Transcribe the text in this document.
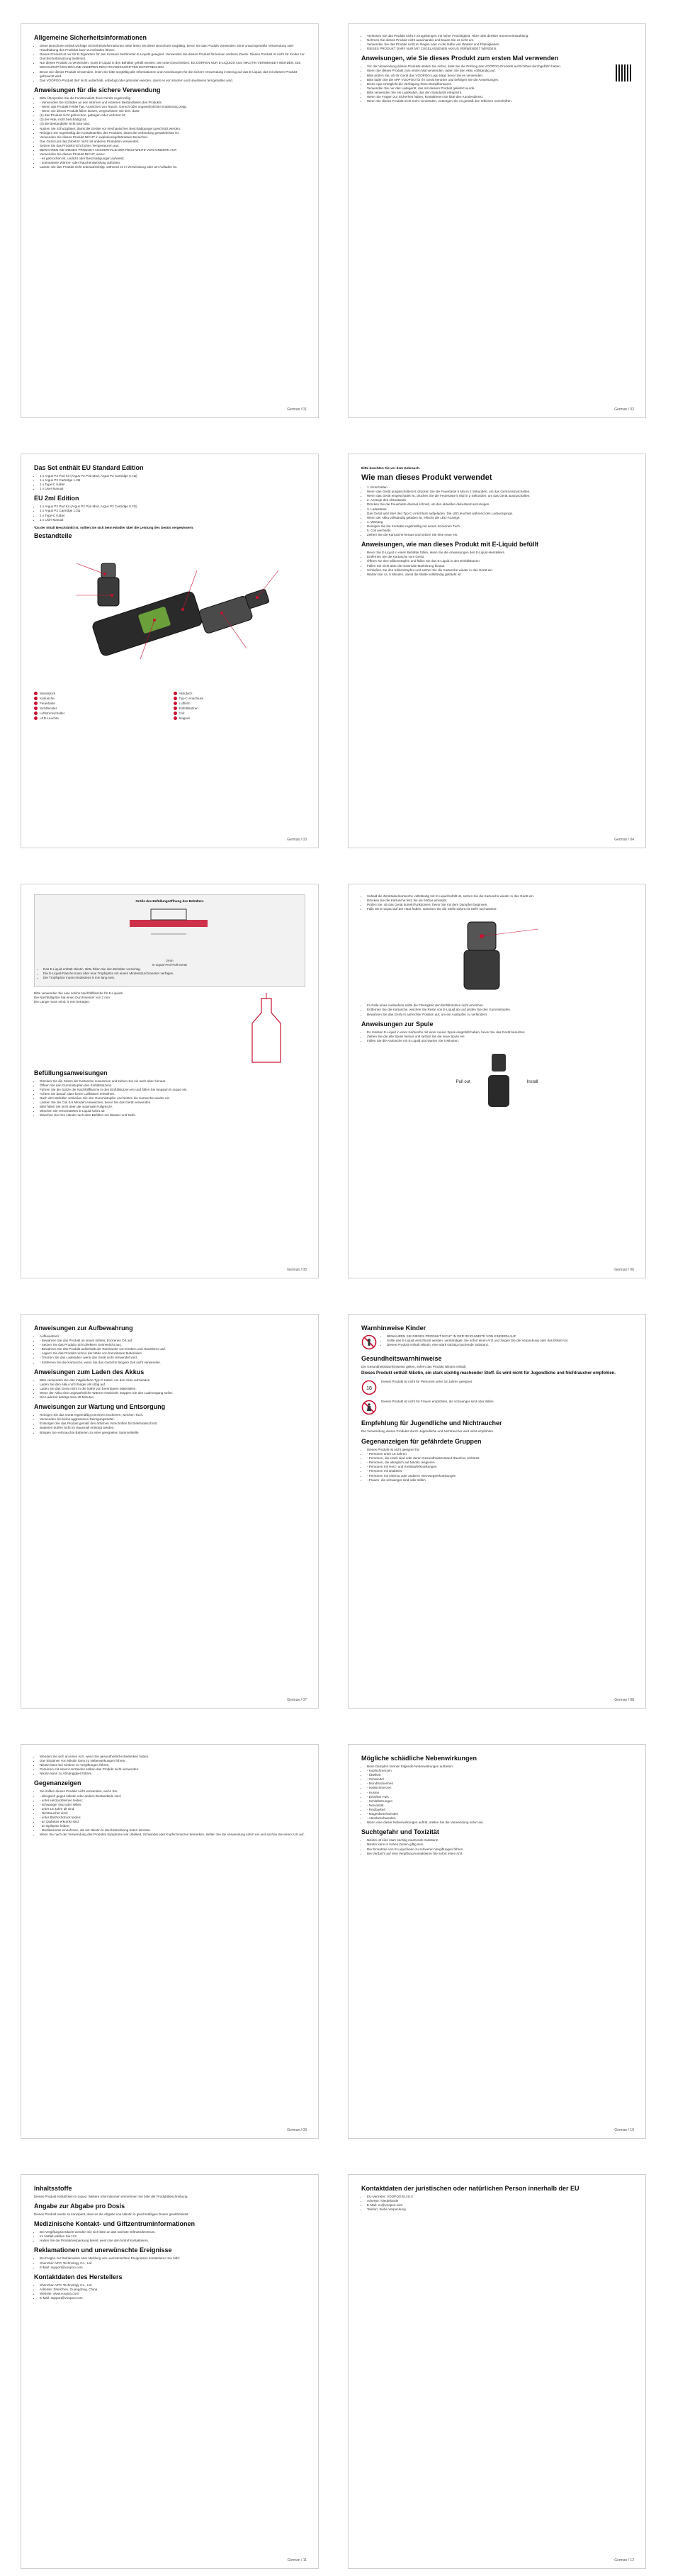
Allgemeine Sicherheitsinformationen
• Diese Broschüre enthält wichtige Sicherheitsinformationen. Bitte lesen Sie diese Broschüre sorgfältig, bevor Sie das Produkt verwenden. Eine unsachgemäße Verwendung oder Handhabung des Produkts kann zu Schäden führen.
• Dieses Produkt ist nur für E-Zigaretten für den Konsum bestimmter E-Liquids geeignet. Verwenden Sie dieses Produkt für keinen anderen Zweck. Dieses Produkt ist nicht für Kinder zur Durchschnittsnutzung bestimmt.
• Nur dieses Produkt zu verwenden, muss E-Liquid in den Behälter gefüllt werden: wie unten beschrieben. ES DÜRFEN NUR E-LIQUIDS AUS NIKOTIN VERWENDET WERDEN, DIE DEN EUROPÄISCHEN UND ANDEREN RECHTSVORSCHRIFTEN ENTSPRECHEN.
• Bevor Sie dieses Produkt verwenden, lesen Sie bitte sorgfältig alle Informationen und Anweisungen für die sichere Verwendung in Bezug auf das E-Liquid, das mit diesem Produkt gebraucht wird.
• Das VOOPOO-Produkt darf nicht außerhalb, unbefugt oder gefunden werden, damit es von Kindern und Haustieren ferngehalten wird.
Anweisungen für die sichere Verwendung
• Bitte Überprüfen Sie die Funktionalität Ihres Geräts regelmäßig.
• - Verwenden Sie Schäden an den internen und externen Bestandteilen des Produkts.
• - Wenn das Produkt Fehler hat, Anzeichen von Rauch, Geruch oder ungewöhnlicher Erwärmung zeigt.
• - Wenn Sie dieses Produkt fallen lassen, vergewissern Sie sich, dass:
• (1) das Produkt nicht gebrochen, gebogen oder verformt ist;
• (2) der Akku nicht beschädigt ist;
• (3) die Bestandteile nicht lose sind.
• Nutzen Sie Schutzgläser, damit die Geräte vor mechanischen Beschädigungen geschützt werden.
• Reinigen Sie regelmäßig die Kontaktstellen des Produkts, damit die Verbindung gewährleistet ist.
• Verwenden Sie dieses Produkt NICHT in explosionsgefährdeten Bereichen.
• Das Gerät und das Zubehör nicht mit anderen Produkten verwenden.
• Setzen Sie das Produkt nicht hohen Temperaturen aus.
• BEWAHREN SIE DIESES PRODUKT AUSSERHALB DER REICHWEITE VON KINDERN AUF.
• Verwenden Sie dieses Produkt NICHT, wenn:
• - es gebrochen ist, undicht oder Beschädigungen aufweist;
• - unerwartete Wärme- oder Rauchentwicklung auftreten.
• Lassen Sie das Produkt nicht unbeaufsichtigt, während es in Verwendung oder am Aufladen ist.
German / 01
• Verlassen Sie das Produkt nicht in Umgebungen mit hoher Feuchtigkeit, Hitze oder direkter Sonneneinstrahlung.
• Nehmen Sie dieses Produkt nicht auseinander und bauen Sie es nicht um.
• Verwenden Sie das Produkt nicht im Regen oder in der Nähe von Wasser und Flüssigkeiten.
• DIESES PRODUKT DARF NUR MIT ZUGELASSENEN AKKUS VERWENDET WERDEN.
Anweisungen, wie Sie dieses Produkt zum ersten Mal verwenden
• Vor der Verwendung dieses Produkts stellen Sie sicher, dass Sie die Prüfung des VOOPOO-Produkts auf Echtheit durchgeführt haben.
• Wenn Sie dieses Produkt zum ersten Mal verwenden, laden Sie den Akku vollständig auf.
• Bitte prüfen Sie, ob Ihr Gerät das VOOPOO-Logo trägt, bevor Sie es verwenden.
• Bitte laden Sie die APP VOOPOO für Ihr Gerät herunter und befolgen Sie die Anweisungen.
• Diese App ermöglicht die Verfolgung Ihres Dampfkonsums.
• Verwenden Sie nur das Ladegerät, das mit diesem Produkt geliefert wurde.
• Bitte verwenden Sie ein Ladekabel, das den Standards entspricht.
• Wenn Sie Fragen zur Sicherheit haben, kontaktieren Sie bitte den Kundendienst.
• Wenn Sie dieses Produkt nicht mehr verwenden, entsorgen Sie es gemäß den örtlichen Vorschriften.
German / 02
Das Set enthält EU Standard Edition
• 1 x Argus P2 Pod Kit (Argus P2 Pod Mod, Argus P2 Cartridge 0.7Ω)
• 1 x Argus P2 Cartridge 1.2Ω
• 1 x Type-C Kabel
• 1 x User Manual
EU 2ml Edition
• 1 x Argus P2 Pod Kit (Argus P2 Pod Mod, Argus P2 Cartridge 0.7Ω)
• 1 x Argus P2 Cartridge 1.2Ω
• 1 x Type-C Kabel
• 1 x User Manual

*Da der Inhalt Beschränkt ist, sollten Sie sich beim Händler über die Leistung des Geräts vergewissern.

Bestandteile
Mundstück	Akkufach
Kartusche	Typ-C-Anschluss
Feuertaste	Luftloch
Sichtfenster	Einfüllstutzen
Luftstromschalter	Coil
LED-Leuchte	Magnet
German / 03

Bitte beachten Sie vor dem Gebrauch.

Wie man dieses Produkt verwendet
• 1. Einschalten
• Wenn das Gerät ausgeschaltet ist, drücken Sie die Feuertaste 5 Mal in 2 Sekunden, um das Gerät einzuschalten.
• Wenn das Gerät eingeschaltet ist, drücken Sie die Feuertaste 5 Mal in 2 Sekunden, um das Gerät auszuschalten.
• 2. Anzeige des Akkustands
• Drücken Sie die Feuertaste dreimal schnell, um den aktuellen Akkustand anzuzeigen.
• 3. Ladestatus
• Das Gerät wird über den Typ-C-Anschluss aufgeladen. Die LED leuchtet während des Ladevorgangs.
• Wenn der Akku vollständig geladen ist, erlischt die LED-Anzeige.
• 4. Wartung
• Reinigen Sie die Kontakte regelmäßig mit einem trockenen Tuch.
• 5. Coil wechseln
• Ziehen Sie die Kartusche heraus und setzen Sie eine neue ein.
Anweisungen, wie man dieses Produkt mit E-Liquid befüllt
• Bevor Sie E-Liquid in einen Behälter füllen, lesen Sie die Anweisungen des E-Liquid-Herstellers.
• Entfernen Sie die Kartusche vom Gerät.
• Öffnen Sie den Silikonstopfen und füllen Sie das E-Liquid in den Einfüllstutzen.
• Füllen Sie nicht über die maximale Markierung hinaus.
• Schließen Sie den Silikonstopfen und setzen Sie die Kartusche wieder in das Gerät ein.
• Warten Sie ca. 5 Minuten, damit die Watte vollständig getränkt ist.
German / 04

Größe des Befüllungsöffnung des Behälters

2mm

E-Liquid Prüf-Füll-Gerät

• Das E-Liquid enthält Nikotin. Bitte füllen Sie den Behälter vorsichtig.
• Die E-Liquid-Flasche muss über eine Tropfspitze mit einem Mindestdurchmesser verfügen.
• Die Tropfspitze muss mindestens 9 mm lang sein.

Bitte verwenden Sie eine solche Nachfüllflasche für E-Liquids.

Die Nachfüllspitze hat einen Durchmesser von 2 mm.

Die Länge muss mind. 9 mm betragen.

Befüllungsanweisungen
• Drücken Sie die Seiten der Kartusche zusammen und ziehen Sie sie nach oben heraus.
• Öffnen Sie den Gummistopfen des Einfüllstutzens.
• Führen Sie die Spitze der Nachfüllflasche in den Einfüllstutzen ein und füllen Sie langsam E-Liquid ein.
• Achten Sie darauf, dass keine Luftblasen entstehen.
• Nach dem Befüllen schließen Sie den Gummistopfen und setzen die Kartusche wieder ein.
• Lassen Sie die Coil 3-5 Minuten einweichen, bevor Sie das Gerät verwenden.
• Bitte füllen Sie nicht über die maximale Füllgrenze.
• Wischen Sie verschüttetes E-Liquid sofort ab.
• Waschen Sie Ihre Hände nach dem Befüllen mit Wasser und Seife.
German / 05
• Sobald die Zerstäuberkartusche vollständig mit E-Liquid befüllt ist, setzen Sie die Kartusche wieder in das Gerät ein.
• Drücken Sie die Kartusche fest, bis sie hörbar einrastet.
• Prüfen Sie, ob das Gerät korrekt funktioniert, bevor Sie mit dem Dampfen beginnen.
• Falls Sie E-Liquid auf der Haut haben, waschen Sie die Stelle sofort mit Seife und Wasser.
• Im Falle eines Auslaufens sollte die Flüssigkeit den Einfüllstutzen nicht erreichen.
• Entfernen Sie die Kartusche, wischen Sie Reste von E-Liquid ab und prüfen Sie den Gummistopfen.
• Bewahren Sie das Gerät in aufrechter Position auf, um ein Auslaufen zu verhindern.
Anweisungen zur Spule
• Es müssen E-Liquid in einer Kartusche mit einer neuen Spule eingefüllt haben, bevor Sie das Gerät benutzen.
• Ziehen Sie die alte Spule heraus und setzen Sie die neue Spule ein.
• Füllen Sie die Kartusche mit E-Liquid und warten Sie 5 Minuten.
Pull out	Install
German / 06
Anweisungen zur Aufbewahrung
• Aufbewahren:
• - Bewahren Sie das Produkt an einem kühlen, trockenen Ort auf.
• - Setzen Sie das Produkt nicht direktem Sonnenlicht aus.
• - Bewahren Sie das Produkt außerhalb der Reichweite von Kindern und Haustieren auf.
• - Lagern Sie das Produkt nicht in der Nähe von brennbaren Materialien.
• - Trennen Sie das Ladekabel, wenn das Gerät nicht verwendet wird.
• - Entfernen Sie die Kartusche, wenn Sie das Gerät für längere Zeit nicht verwenden.
Anweisungen zum Laden des Akkus
• Bitte verwenden Sie das mitgelieferte Typ-C-Kabel, um den Akku aufzuladen.
• Laden Sie den Akku nicht länger als nötig auf.
• Laden Sie das Gerät nicht in der Nähe von brennbaren Materialien.
• Wenn der Akku eine ungewöhnliche Wärme entwickelt, stoppen Sie den Ladevorgang sofort.
• Die Ladezeit beträgt etwa 45 Minuten.
Anweisungen zur Wartung und Entsorgung
• Reinigen Sie das Gerät regelmäßig mit einem trockenen, weichen Tuch.
• Verwenden Sie keine aggressiven Reinigungsmittel.
• Entsorgen Sie das Produkt gemäß den örtlichen Vorschriften für Elektronikschrott.
• Batterien dürfen nicht im Hausmüll entsorgt werden.
• Bringen Sie verbrauchte Batterien zu einer geeigneten Sammelstelle.
German / 07
Warnhinweise Kinder
• BEWAHREN SIE DIESES PRODUKT NICHT IN DER REICHWEITE VON KINDERN AUF.
• Sollte das E-Liquid verschluckt werden, verständigen Sie sofort einen Arzt und zeigen Sie die Verpackung oder das Etikett vor.
• Dieses Produkt enthält Nikotin, eine stark süchtig machende Substanz.
Gesundheitswarnhinweise

Die Gesundheitswarnhinweise gelten, sofern das Produkt Nikotin enthält.

Dieses Produkt enthält Nikotin, ein stark süchtig machender Stoff. Es wird nicht für Jugendliche und Nichtraucher empfohlen.

18

Dieses Produkt ist nicht für Personen unter 18 Jahren geeignet.

Dieses Produkt ist nicht für Frauen empfohlen, die schwanger sind oder stillen.

Empfehlung für Jugendliche und Nichtraucher

Die Verwendung dieses Produkts durch Jugendliche und Nichtraucher wird nicht empfohlen.

Gegenanzeigen für gefährdete Gruppen
• Dieses Produkt ist nicht geeignet für:
• - Personen unter 18 Jahren
• - Personen, die krank sind oder deren Gesundheitszustand Rauchen verbietet
• - Personen, die allergisch auf Nikotin reagieren
• - Personen mit Herz- und Kreislauferkrankungen
• - Personen mit Diabetes
• - Personen mit Asthma oder anderen Atemwegserkrankungen
• - Frauen, die schwanger sind oder stillen
German / 08
• Wenden Sie sich an einen Arzt, wenn Sie gesundheitliche Bedenken haben.
• Das Einatmen von Nikotin kann zu Nebenwirkungen führen.
• Nikotin kann bei Kindern zu Vergiftungen führen.
• Personen mit einem Herzleiden sollten das Produkt nicht verwenden.
• Nikotin kann zu Abhängigkeit führen.
Gegenanzeigen
• Sie sollten dieses Produkt nicht verwenden, wenn Sie:
• - allergisch gegen Nikotin oder andere Bestandteile sind;
• - unter Herzproblemen leiden;
• - schwanger sind oder stillen;
• - unter 18 Jahre alt sind;
• - Nichtraucher sind;
• - unter Bluthochdruck leiden;
• - an Diabetes erkrankt sind;
• - an Epilepsie leiden;
• - Medikamente einnehmen, die mit Nikotin in Wechselwirkung treten könnten.
• Wenn Sie nach der Verwendung des Produkts Symptome wie Übelkeit, Schwindel oder Kopfschmerzen bemerken, stellen Sie die Verwendung sofort ein und suchen Sie einen Arzt auf.
German / 09
Mögliche schädliche Nebenwirkungen
• Beim Dampfen können folgende Nebenwirkungen auftreten:
• - Kopfschmerzen
• - Übelkeit
• - Schwindel
• - Mundtrockenheit
• - Halsschmerzen
• - Husten
• - Erhöhter Puls
• - Schlafstörungen
• - Nervosität
• - Reizbarkeit
• - Magenbeschwerden
• - Atembeschwerden
• Wenn eine dieser Nebenwirkungen auftritt, stellen Sie die Verwendung sofort ein.
Suchtgefahr und Toxizität
• Nikotin ist eine stark süchtig machende Substanz.
• Nikotin kann in hohen Dosen giftig sein.
• Die Einnahme von E-Liquid kann zu schweren Vergiftungen führen.
• Bei Verdacht auf eine Vergiftung kontaktieren Sie sofort einen Arzt.
German / 10
Inhaltsstoffe

Dieses Produkt enthält kein E-Liquid. Weitere Informationen entnehmen Sie bitte der Produktbeschreibung.

Angabe zur Abgabe pro Dosis

Dieses Produkt wurde so konzipiert, dass es die Abgabe von Nikotin in gleichmäßigen Dosen gewährleistet.

Medizinische Kontakt- und Giftzentruminformationen
• Bei Vergiftungsverdacht wenden Sie sich bitte an das nächste Giftnotrufzentrum.
• Im Notfall wählen Sie 112.
• Halten Sie die Produktverpackung bereit, wenn Sie den Notruf kontaktieren.
Reklamationen und unerwünschte Ereignisse
• Bei Fragen zur Reklamation oder Meldung von unerwünschten Ereignissen kontaktieren Sie bitte:
• Shenzhen VPC Technology Co., Ltd.
• E-Mail: support@voopoo.com
Kontaktdaten des Herstellers
• Shenzhen VPC Technology Co., Ltd.
• Adresse: Shenzhen, Guangdong, China
• Website: www.voopoo.com
• E-Mail: support@voopoo.com
German / 11
Kontaktdaten der juristischen oder natürlichen Person innerhalb der EU
• EU-Vertreter: VOOPOO EU B.V.
• Adresse: Niederlande
• E-Mail: eu@voopoo.com
• Telefon: Siehe Verpackung
German / 12
